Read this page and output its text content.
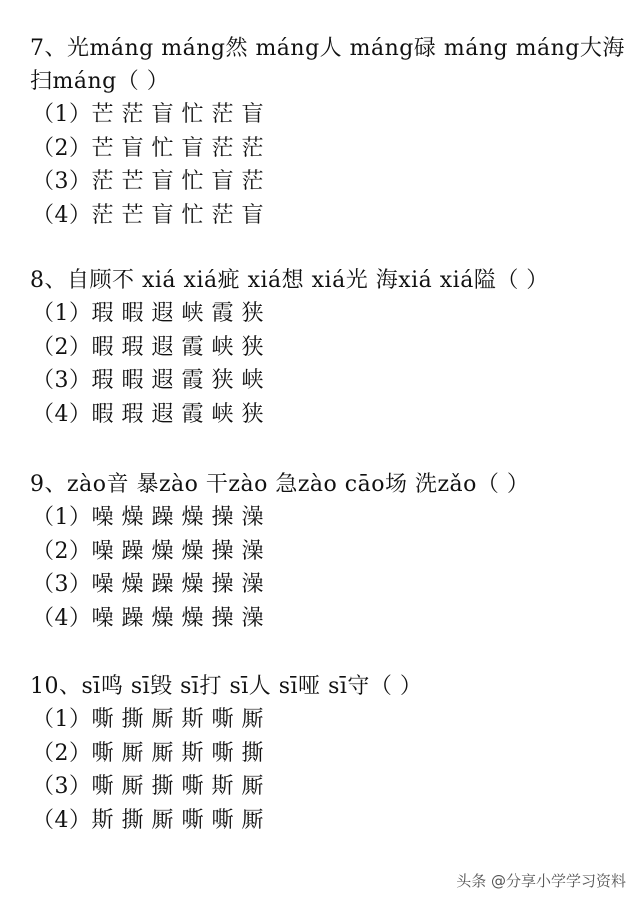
7、光máng máng然 máng人 máng碌 máng máng大海 扫máng（ ）
（1）芒 茫 盲 忙 茫 盲
（2）芒 盲 忙 盲 茫 茫
（3）茫 芒 盲 忙 盲 茫
（4）茫 芒 盲 忙 茫 盲
8、自顾不 xiá xiá疵 xiá想 xiá光 海xiá xiá隘（ ）
（1）瑕 暇 遐 峡 霞 狭
（2）暇 瑕 遐 霞 峡 狭
（3）瑕 暇 遐 霞 狭 峡
（4）暇 瑕 遐 霞 峡 狭
9、zào音 暴zào 干zào 急zào cāo场 洗zǎo（ ）
（1）噪 燥 躁 燥 操 澡
（2）噪 躁 燥 燥 操 澡
（3）噪 燥 躁 燥 操 澡
（4）噪 躁 燥 燥 操 澡
10、sī鸣 sī毁 sī打 sī人 sī哑 sī守（ ）
（1）嘶 撕 厮 斯 嘶 厮
（2）嘶 厮 厮 斯 嘶 撕
（3）嘶 厮 撕 嘶 斯 厮
（4）斯 撕 厮 嘶 嘶 厮
头条 @分享小学学习资料
